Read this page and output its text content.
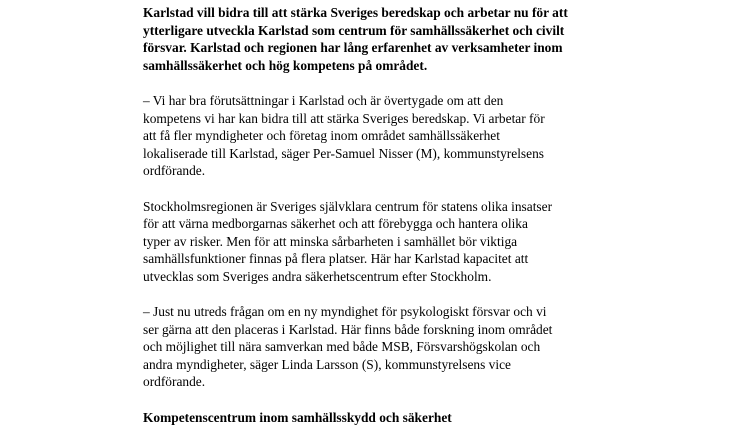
Karlstad vill bidra till att stärka Sveriges beredskap och arbetar nu för att
ytterligare utveckla Karlstad som centrum för samhällssäkerhet och civilt
försvar. Karlstad och regionen har lång erfarenhet av verksamheter inom
samhällssäkerhet och hög kompetens på området.

– Vi har bra förutsättningar i Karlstad och är övertygade om att den
kompetens vi har kan bidra till att stärka Sveriges beredskap. Vi arbetar för
att få fler myndigheter och företag inom området samhällssäkerhet
lokaliserade till Karlstad, säger Per-Samuel Nisser (M), kommunstyrelsens
ordförande.

Stockholmsregionen är Sveriges självklara centrum för statens olika insatser
för att värna medborgarnas säkerhet och att förebygga och hantera olika
typer av risker. Men för att minska sårbarheten i samhället bör viktiga
samhällsfunktioner finnas på flera platser. Här har Karlstad kapacitet att
utvecklas som Sveriges andra säkerhetscentrum efter Stockholm.

– Just nu utreds frågan om en ny myndighet för psykologiskt försvar och vi
ser gärna att den placeras i Karlstad. Här finns både forskning inom området
och möjlighet till nära samverkan med både MSB, Försvarshögskolan och
andra myndigheter, säger Linda Larsson (S), kommunstyrelsens vice
ordförande.

Kompetenscentrum inom samhällsskydd och säkerhet
